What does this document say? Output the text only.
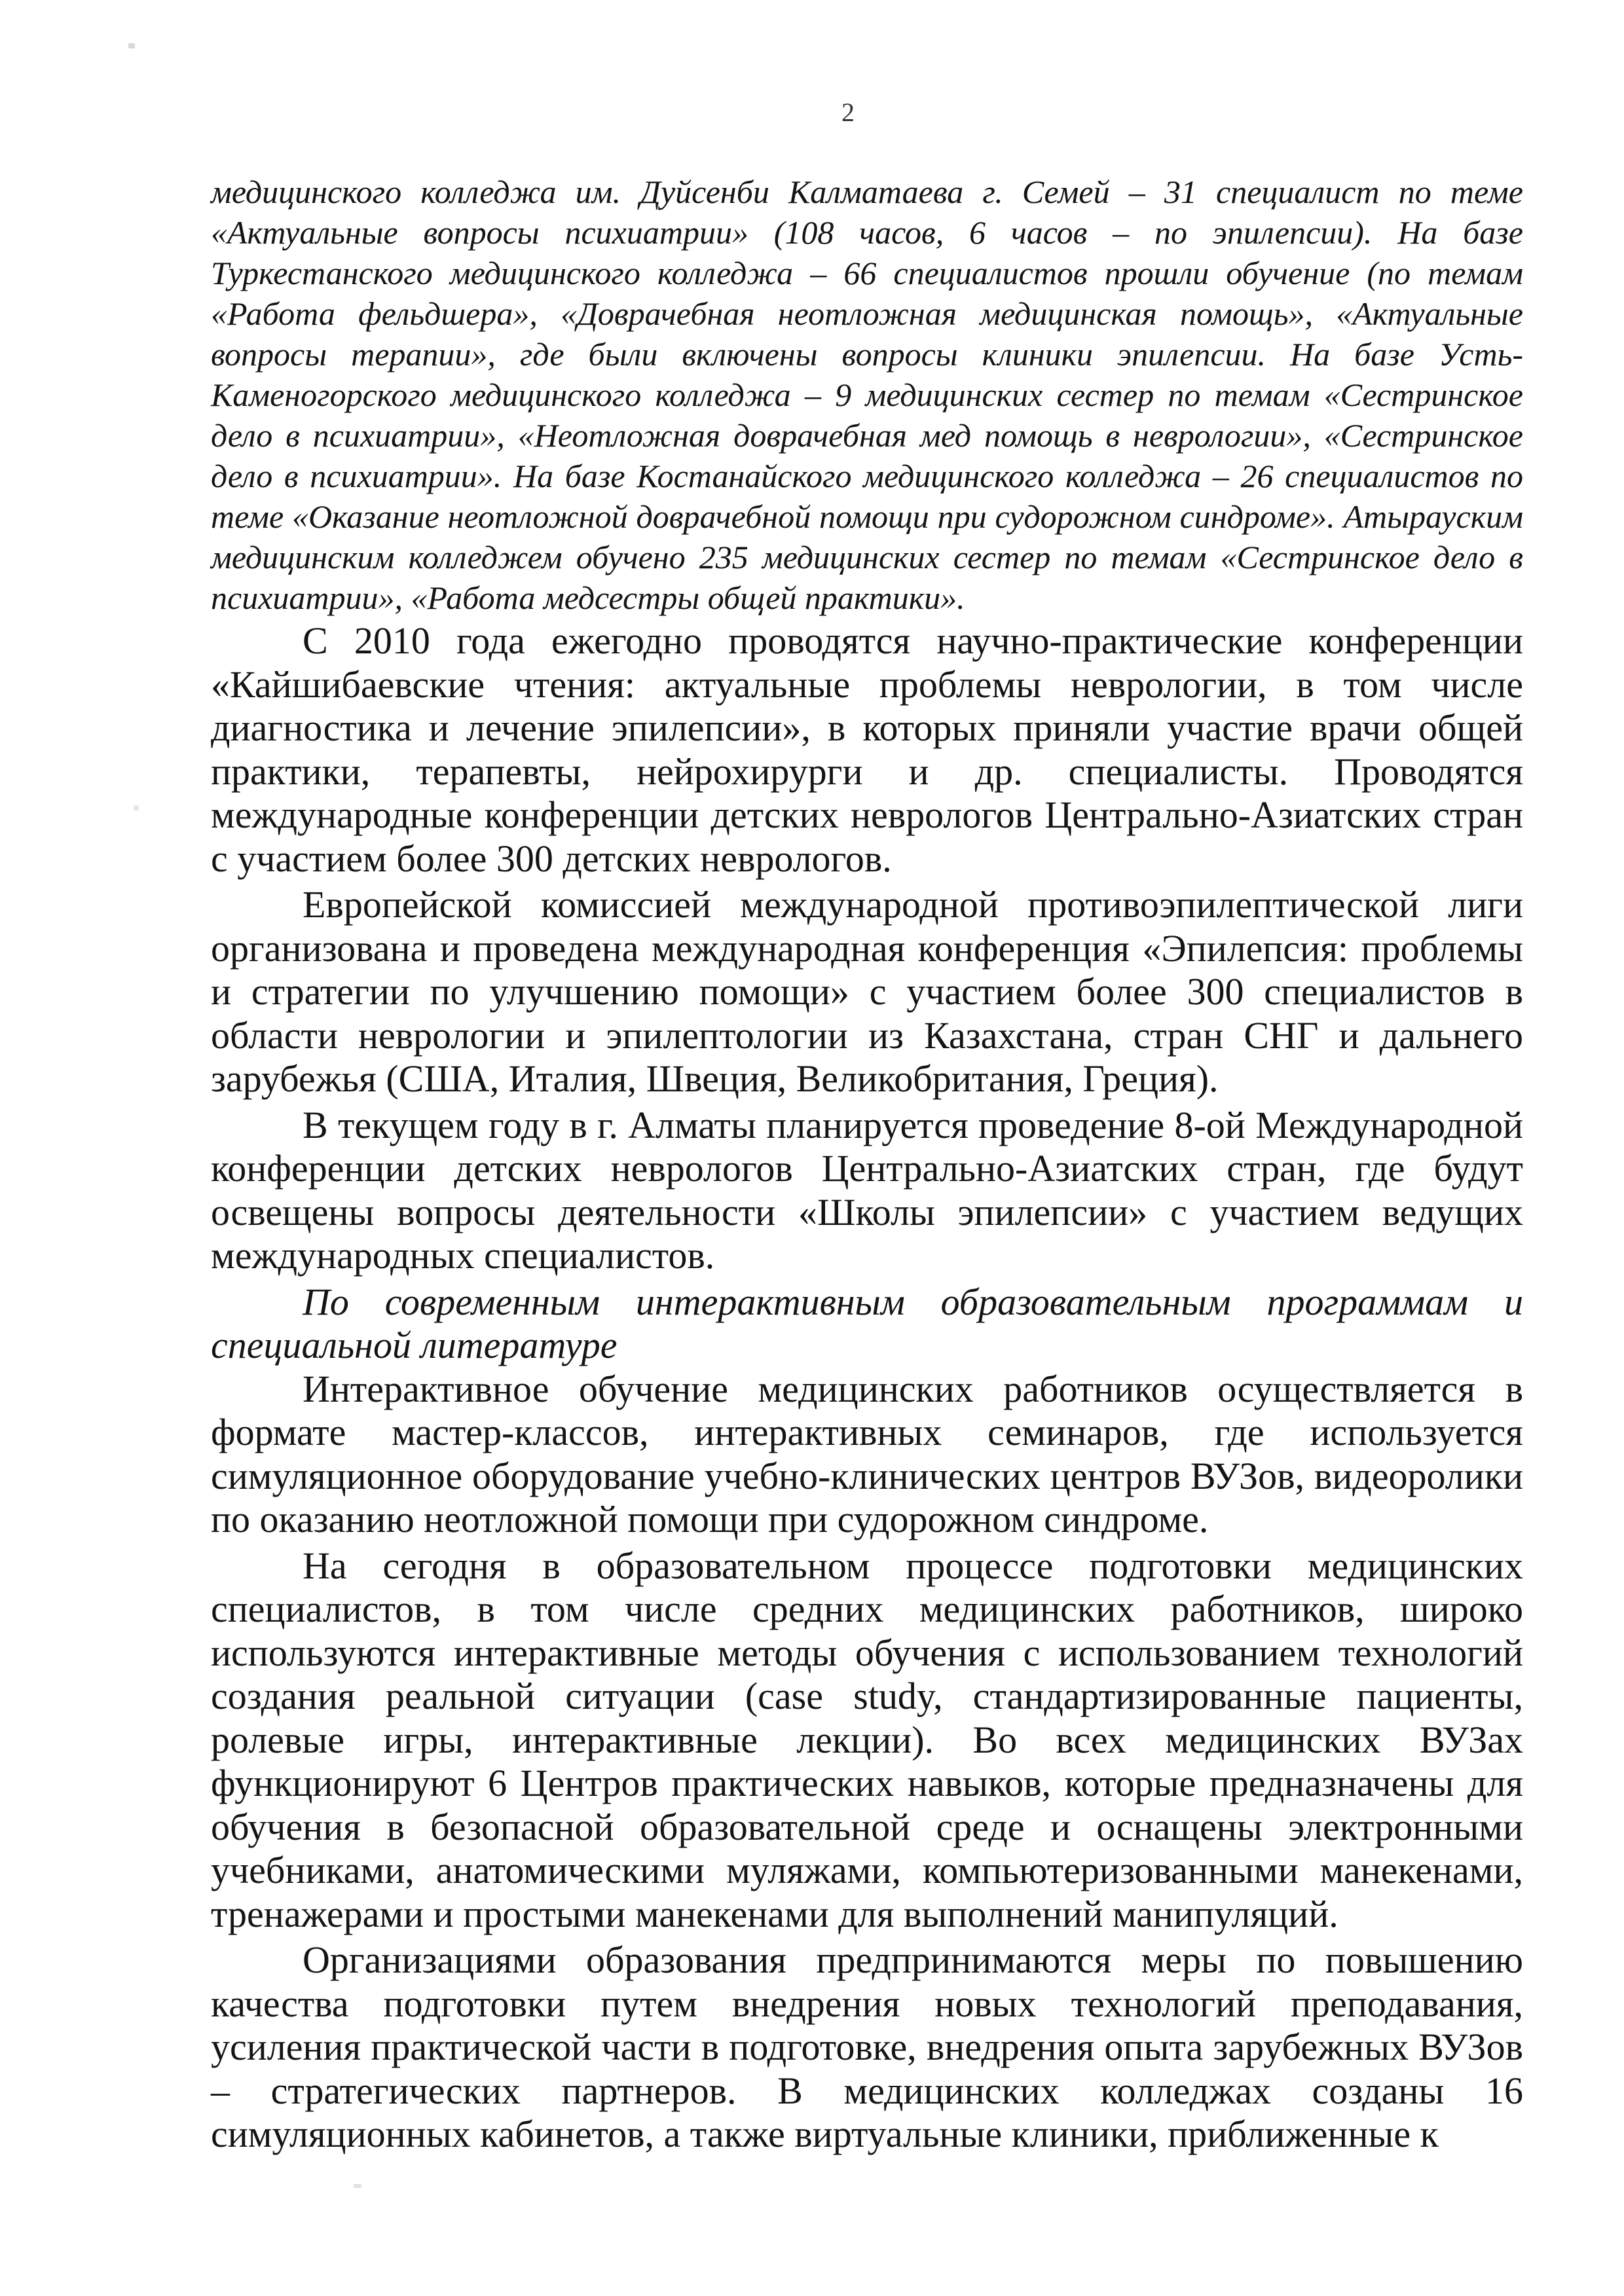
2

медицинского колледжа им. Дуйсенби Калматаева г. Семей – 31 специалист по теме «Актуальные вопросы психиатрии» (108 часов, 6 часов – по эпилепсии). На базе Туркестанского медицинского колледжа – 66 специалистов прошли обучение (по темам «Работа фельдшера», «Доврачебная неотложная медицинская помощь», «Актуальные вопросы терапии», где были включены вопросы клиники эпилепсии. На базе Усть-Каменогорского медицинского колледжа – 9 медицинских сестер по темам «Сестринское дело в психиатрии», «Неотложная доврачебная мед помощь в неврологии», «Сестринское дело в психиатрии». На базе Костанайского медицинского колледжа – 26 специалистов по теме «Оказание неотложной доврачебной помощи при судорожном синдроме». Атырауским медицинским колледжем обучено 235 медицинских сестер по темам «Сестринское дело в психиатрии», «Работа медсестры общей практики».

С 2010 года ежегодно проводятся научно-практические конференции «Кайшибаевские чтения: актуальные проблемы неврологии, в том числе диагностика и лечение эпилепсии», в которых приняли участие врачи общей практики, терапевты, нейрохирурги и др. специалисты. Проводятся международные конференции детских неврологов Центрально-Азиатских стран с участием более 300 детских неврологов.

Европейской комиссией международной противоэпилептической лиги организована и проведена международная конференция «Эпилепсия: проблемы и стратегии по улучшению помощи» с участием более 300 специалистов в области неврологии и эпилептологии из Казахстана, стран СНГ и дальнего зарубежья (США, Италия, Швеция, Великобритания, Греция).

В текущем году в г. Алматы планируется проведение 8-ой Международной конференции детских неврологов Центрально-Азиатских стран, где будут освещены вопросы деятельности «Школы эпилепсии» с участием ведущих международных специалистов.

По современным интерактивным образовательным программам и специальной литературе

Интерактивное обучение медицинских работников осуществляется в формате мастер-классов, интерактивных семинаров, где используется симуляционное оборудование учебно-клинических центров ВУЗов, видеоролики по оказанию неотложной помощи при судорожном синдроме.

На сегодня в образовательном процессе подготовки медицинских специалистов, в том числе средних медицинских работников, широко используются интерактивные методы обучения с использованием технологий создания реальной ситуации (case study, стандартизированные пациенты, ролевые игры, интерактивные лекции). Во всех медицинских ВУЗах функционируют 6 Центров практических навыков, которые предназначены для обучения в безопасной образовательной среде и оснащены электронными учебниками, анатомическими муляжами, компьютеризованными манекенами, тренажерами и простыми манекенами для выполнений манипуляций.

Организациями образования предпринимаются меры по повышению качества подготовки путем внедрения новых технологий преподавания, усиления практической части в подготовке, внедрения опыта зарубежных ВУЗов – стратегических партнеров. В медицинских колледжах созданы 16 симуляционных кабинетов, а также виртуальные клиники, приближенные к
